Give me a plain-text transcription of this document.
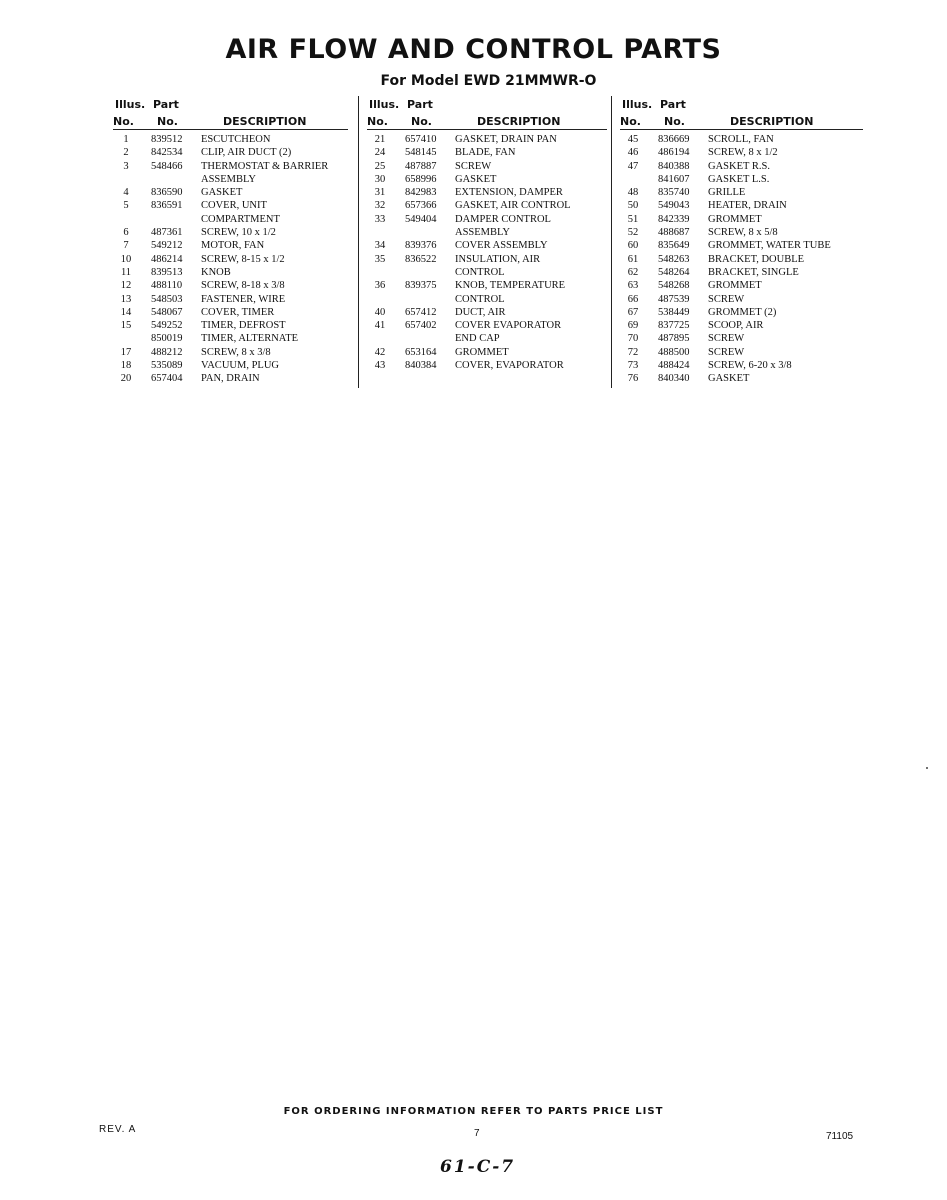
AIR FLOW AND CONTROL PARTS
For Model EWD 21MMWR-O
Illus. Part
No. No.	DESCRIPTION
1	839512 ESCUTCHEON
2	842534 CLIP, AIR DUCT (2)
3	548466 THERMOSTAT & BARRIER
ASSEMBLY
4	836590 GASKET
5	836591 COVER, UNIT
COMPARTMENT
6	487361 SCREW, 10 x 1/2
7	549212 MOTOR, FAN
10	486214 SCREW, 8-15 x 1/2
11	839513 KNOB
12	488110 SCREW, 8-18 x 3/8
13	548503 FASTENER, WIRE
14	548067 COVER, TIMER
15	549252 TIMER, DEFROST
850019 TIMER, ALTERNATE
17	488212 SCREW, 8 x 3/8
18	535089 VACUUM, PLUG
20	657404 PAN, DRAIN
Illus. Part
No. No.	DESCRIPTION
21	657410 GASKET, DRAIN PAN
24	548145 BLADE, FAN
25	487887 SCREW
30	658996 GASKET
31	842983 EXTENSION, DAMPER
32	657366 GASKET, AIR CONTROL
33	549404 DAMPER CONTROL
ASSEMBLY
34	839376 COVER ASSEMBLY
35	836522 INSULATION, AIR
CONTROL
36	839375 KNOB, TEMPERATURE
CONTROL
40	657412 DUCT, AIR
41	657402 COVER EVAPORATOR
END CAP
42	653164 GROMMET
43	840384 COVER, EVAPORATOR
Illus. Part
No. No.	DESCRIPTION
45	836669 SCROLL, FAN
46	486194 SCREW, 8 x 1/2
47	840388 GASKET R.S.
841607 GASKET L.S.
48	835740 GRILLE
50	549043 HEATER, DRAIN
51	842339 GROMMET
52	488687 SCREW, 8 x 5/8
60	835649 GROMMET, WATER TUBE
61	548263 BRACKET, DOUBLE
62	548264 BRACKET, SINGLE
63	548268 GROMMET
66	487539 SCREW
67	538449 GROMMET (2)
69	837725 SCOOP, AIR
70	487895 SCREW
72	488500 SCREW
73	488424 SCREW, 6-20 x 3/8
76	840340 GASKET
FOR ORDERING INFORMATION REFER TO PARTS PRICE LIST
REV. A	7	71105
61-C-7
